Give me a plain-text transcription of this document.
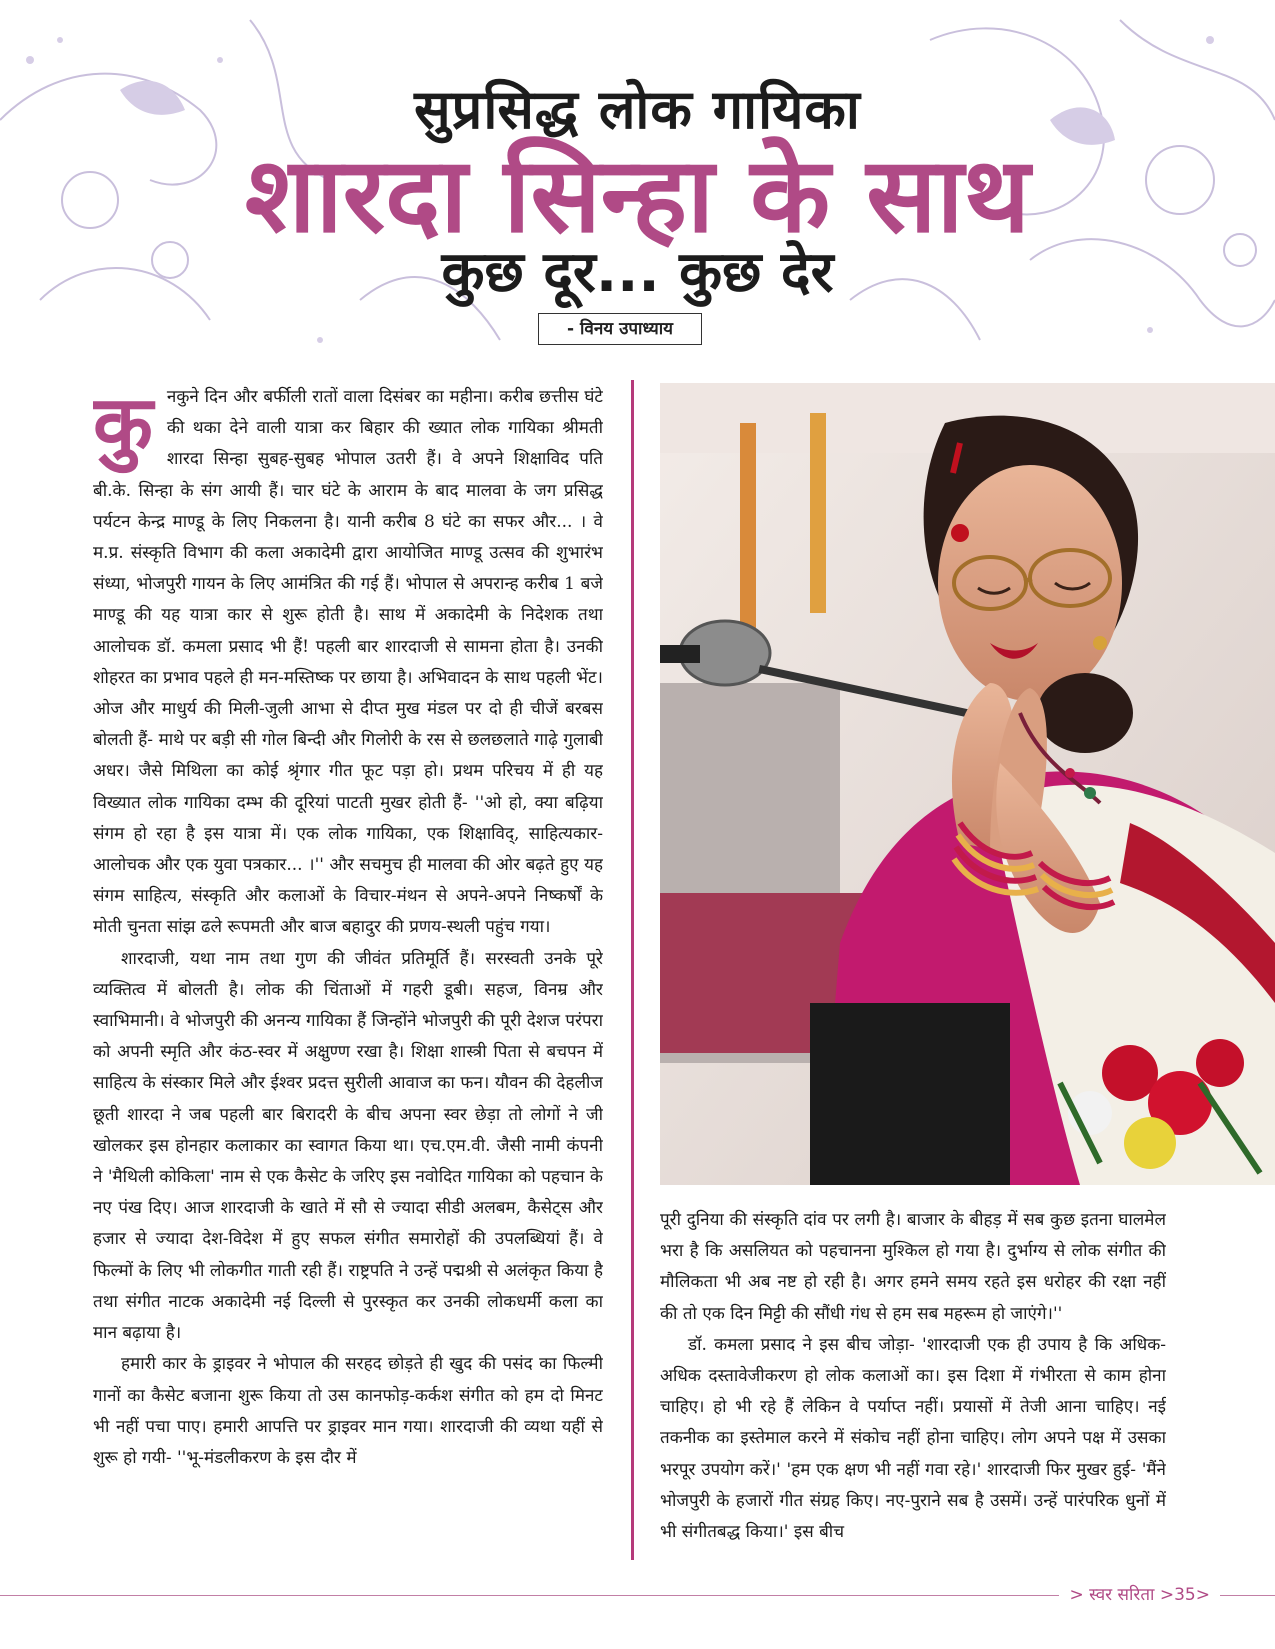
सुप्रसिद्ध लोक गायिका
शारदा सिन्हा के साथ
कुछ दूर... कुछ देर
- विनय उपाध्याय
कु नकुने दिन और बर्फीली रातों वाला दिसंबर का महीना। करीब छत्तीस घंटे की थका देने वाली यात्रा कर बिहार की ख्यात लोक गायिका श्रीमती शारदा सिन्हा सुबह-सुबह भोपाल उतरी हैं। वे अपने शिक्षाविद पति बी.के. सिन्हा के संग आयी हैं। चार घंटे के आराम के बाद मालवा के जग प्रसिद्ध पर्यटन केन्द्र माण्डू के लिए निकलना है। यानी करीब 8 घंटे का सफर और... । वे म.प्र. संस्कृति विभाग की कला अकादेमी द्वारा आयोजित माण्डू उत्सव की शुभारंभ संध्या, भोजपुरी गायन के लिए आमंत्रित की गई हैं। भोपाल से अपरान्ह करीब 1 बजे माण्डू की यह यात्रा कार से शुरू होती है। साथ में अकादेमी के निदेशक तथा आलोचक डॉ. कमला प्रसाद भी हैं! पहली बार शारदाजी से सामना होता है। उनकी शोहरत का प्रभाव पहले ही मन-मस्तिष्क पर छाया है। अभिवादन के साथ पहली भेंट। ओज और माधुर्य की मिली-जुली आभा से दीप्त मुख मंडल पर दो ही चीजें बरबस बोलती हैं- माथे पर बड़ी सी गोल बिन्दी और गिलोरी के रस से छलछलाते गाढ़े गुलाबी अधर। जैसे मिथिला का कोई श्रृंगार गीत फूट पड़ा हो। प्रथम परिचय में ही यह विख्यात लोक गायिका दम्भ की दूरियां पाटती मुखर होती हैं- ''ओ हो, क्या बढ़िया संगम हो रहा है इस यात्रा में। एक लोक गायिका, एक शिक्षाविद्, साहित्यकार-आलोचक और एक युवा पत्रकार... ।'' और सचमुच ही मालवा की ओर बढ़ते हुए यह संगम साहित्य, संस्कृति और कलाओं के विचार-मंथन से अपने-अपने निष्कर्षों के मोती चुनता सांझ ढले रूपमती और बाज बहादुर की प्रणय-स्थली पहुंच गया।

शारदाजी, यथा नाम तथा गुण की जीवंत प्रतिमूर्ति हैं। सरस्वती उनके पूरे व्यक्तित्व में बोलती है। लोक की चिंताओं में गहरी डूबी। सहज, विनम्र और स्वाभिमानी। वे भोजपुरी की अनन्य गायिका हैं जिन्होंने भोजपुरी की पूरी देशज परंपरा को अपनी स्मृति और कंठ-स्वर में अक्षुण्ण रखा है। शिक्षा शास्त्री पिता से बचपन में साहित्य के संस्कार मिले और ईश्वर प्रदत्त सुरीली आवाज का फन। यौवन की देहलीज छूती शारदा ने जब पहली बार बिरादरी के बीच अपना स्वर छेड़ा तो लोगों ने जी खोलकर इस होनहार कलाकार का स्वागत किया था। एच.एम.वी. जैसी नामी कंपनी ने 'मैथिली कोकिला' नाम से एक कैसेट के जरिए इस नवोदित गायिका को पहचान के नए पंख दिए। आज शारदाजी के खाते में सौ से ज्यादा सीडी अलबम, कैसेट्स और हजार से ज्यादा देश-विदेश में हुए सफल संगीत समारोहों की उपलब्धियां हैं। वे फिल्मों के लिए भी लोकगीत गाती रही हैं। राष्ट्रपति ने उन्हें पद्मश्री से अलंकृत किया है तथा संगीत नाटक अकादेमी नई दिल्ली से पुरस्कृत कर उनकी लोकधर्मी कला का मान बढ़ाया है।

हमारी कार के ड्राइवर ने भोपाल की सरहद छोड़ते ही खुद की पसंद का फिल्मी गानों का कैसेट बजाना शुरू किया तो उस कानफोड़-कर्कश संगीत को हम दो मिनट भी नहीं पचा पाए। हमारी आपत्ति पर ड्राइवर मान गया। शारदाजी की व्यथा यहीं से शुरू हो गयी- ''भू-मंडलीकरण के इस दौर में

पूरी दुनिया की संस्कृति दांव पर लगी है। बाजार के बीहड़ में सब कुछ इतना घालमेल भरा है कि असलियत को पहचानना मुश्किल हो गया है। दुर्भाग्य से लोक संगीत की मौलिकता भी अब नष्ट हो रही है। अगर हमने समय रहते इस धरोहर की रक्षा नहीं की तो एक दिन मिट्टी की सौंधी गंध से हम सब महरूम हो जाएंगे।''

डॉ. कमला प्रसाद ने इस बीच जोड़ा- 'शारदाजी एक ही उपाय है कि अधिक-अधिक दस्तावेजीकरण हो लोक कलाओं का। इस दिशा में गंभीरता से काम होना चाहिए। हो भी रहे हैं लेकिन वे पर्याप्त नहीं। प्रयासों में तेजी आना चाहिए। नई तकनीक का इस्तेमाल करने में संकोच नहीं होना चाहिए। लोग अपने पक्ष में उसका भरपूर उपयोग करें।' 'हम एक क्षण भी नहीं गवा रहे।' शारदाजी फिर मुखर हुई- 'मैंने भोजपुरी के हजारों गीत संग्रह किए। नए-पुराने सब है उसमें। उन्हें पारंपरिक धुनों में भी संगीतबद्ध किया।' इस बीच

> स्वर सरिता >35>
